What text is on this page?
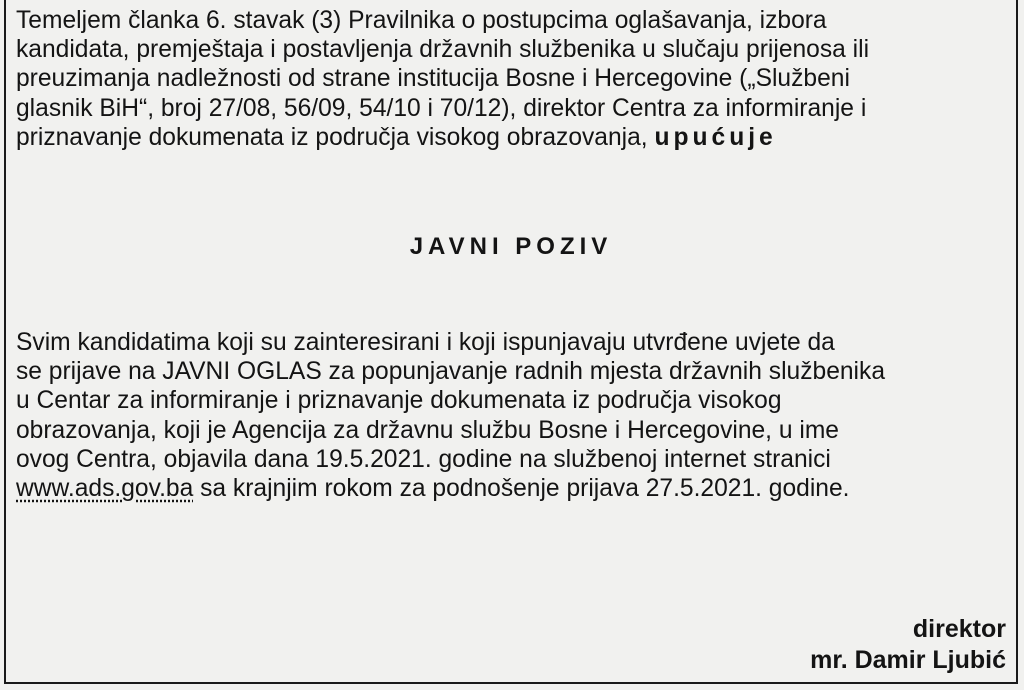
Temeljem članka 6. stavak (3) Pravilnika o postupcima oglašavanja, izbora
kandidata, premještaja i postavljenja državnih službenika u slučaju prijenosa ili
preuzimanja nadležnosti od strane institucija Bosne i Hercegovine („Službeni
glasnik BiH“, broj 27/08, 56/09, 54/10 i 70/12), direktor Centra za informiranje i
priznavanje dokumenata iz područja visokog obrazovanja, upućuje
JAVNI POZIV
Svim kandidatima koji su zainteresirani i koji ispunjavaju utvrđene uvjete da
se prijave na JAVNI OGLAS za popunjavanje radnih mjesta državnih službenika
u Centar za informiranje i priznavanje dokumenata iz područja visokog
obrazovanja, koji je Agencija za državnu službu Bosne i Hercegovine, u ime
ovog Centra, objavila dana 19.5.2021. godine na službenoj internet stranici
www.ads.gov.ba sa krajnjim rokom za podnošenje prijava 27.5.2021. godine.
direktor
mr. Damir Ljubić
